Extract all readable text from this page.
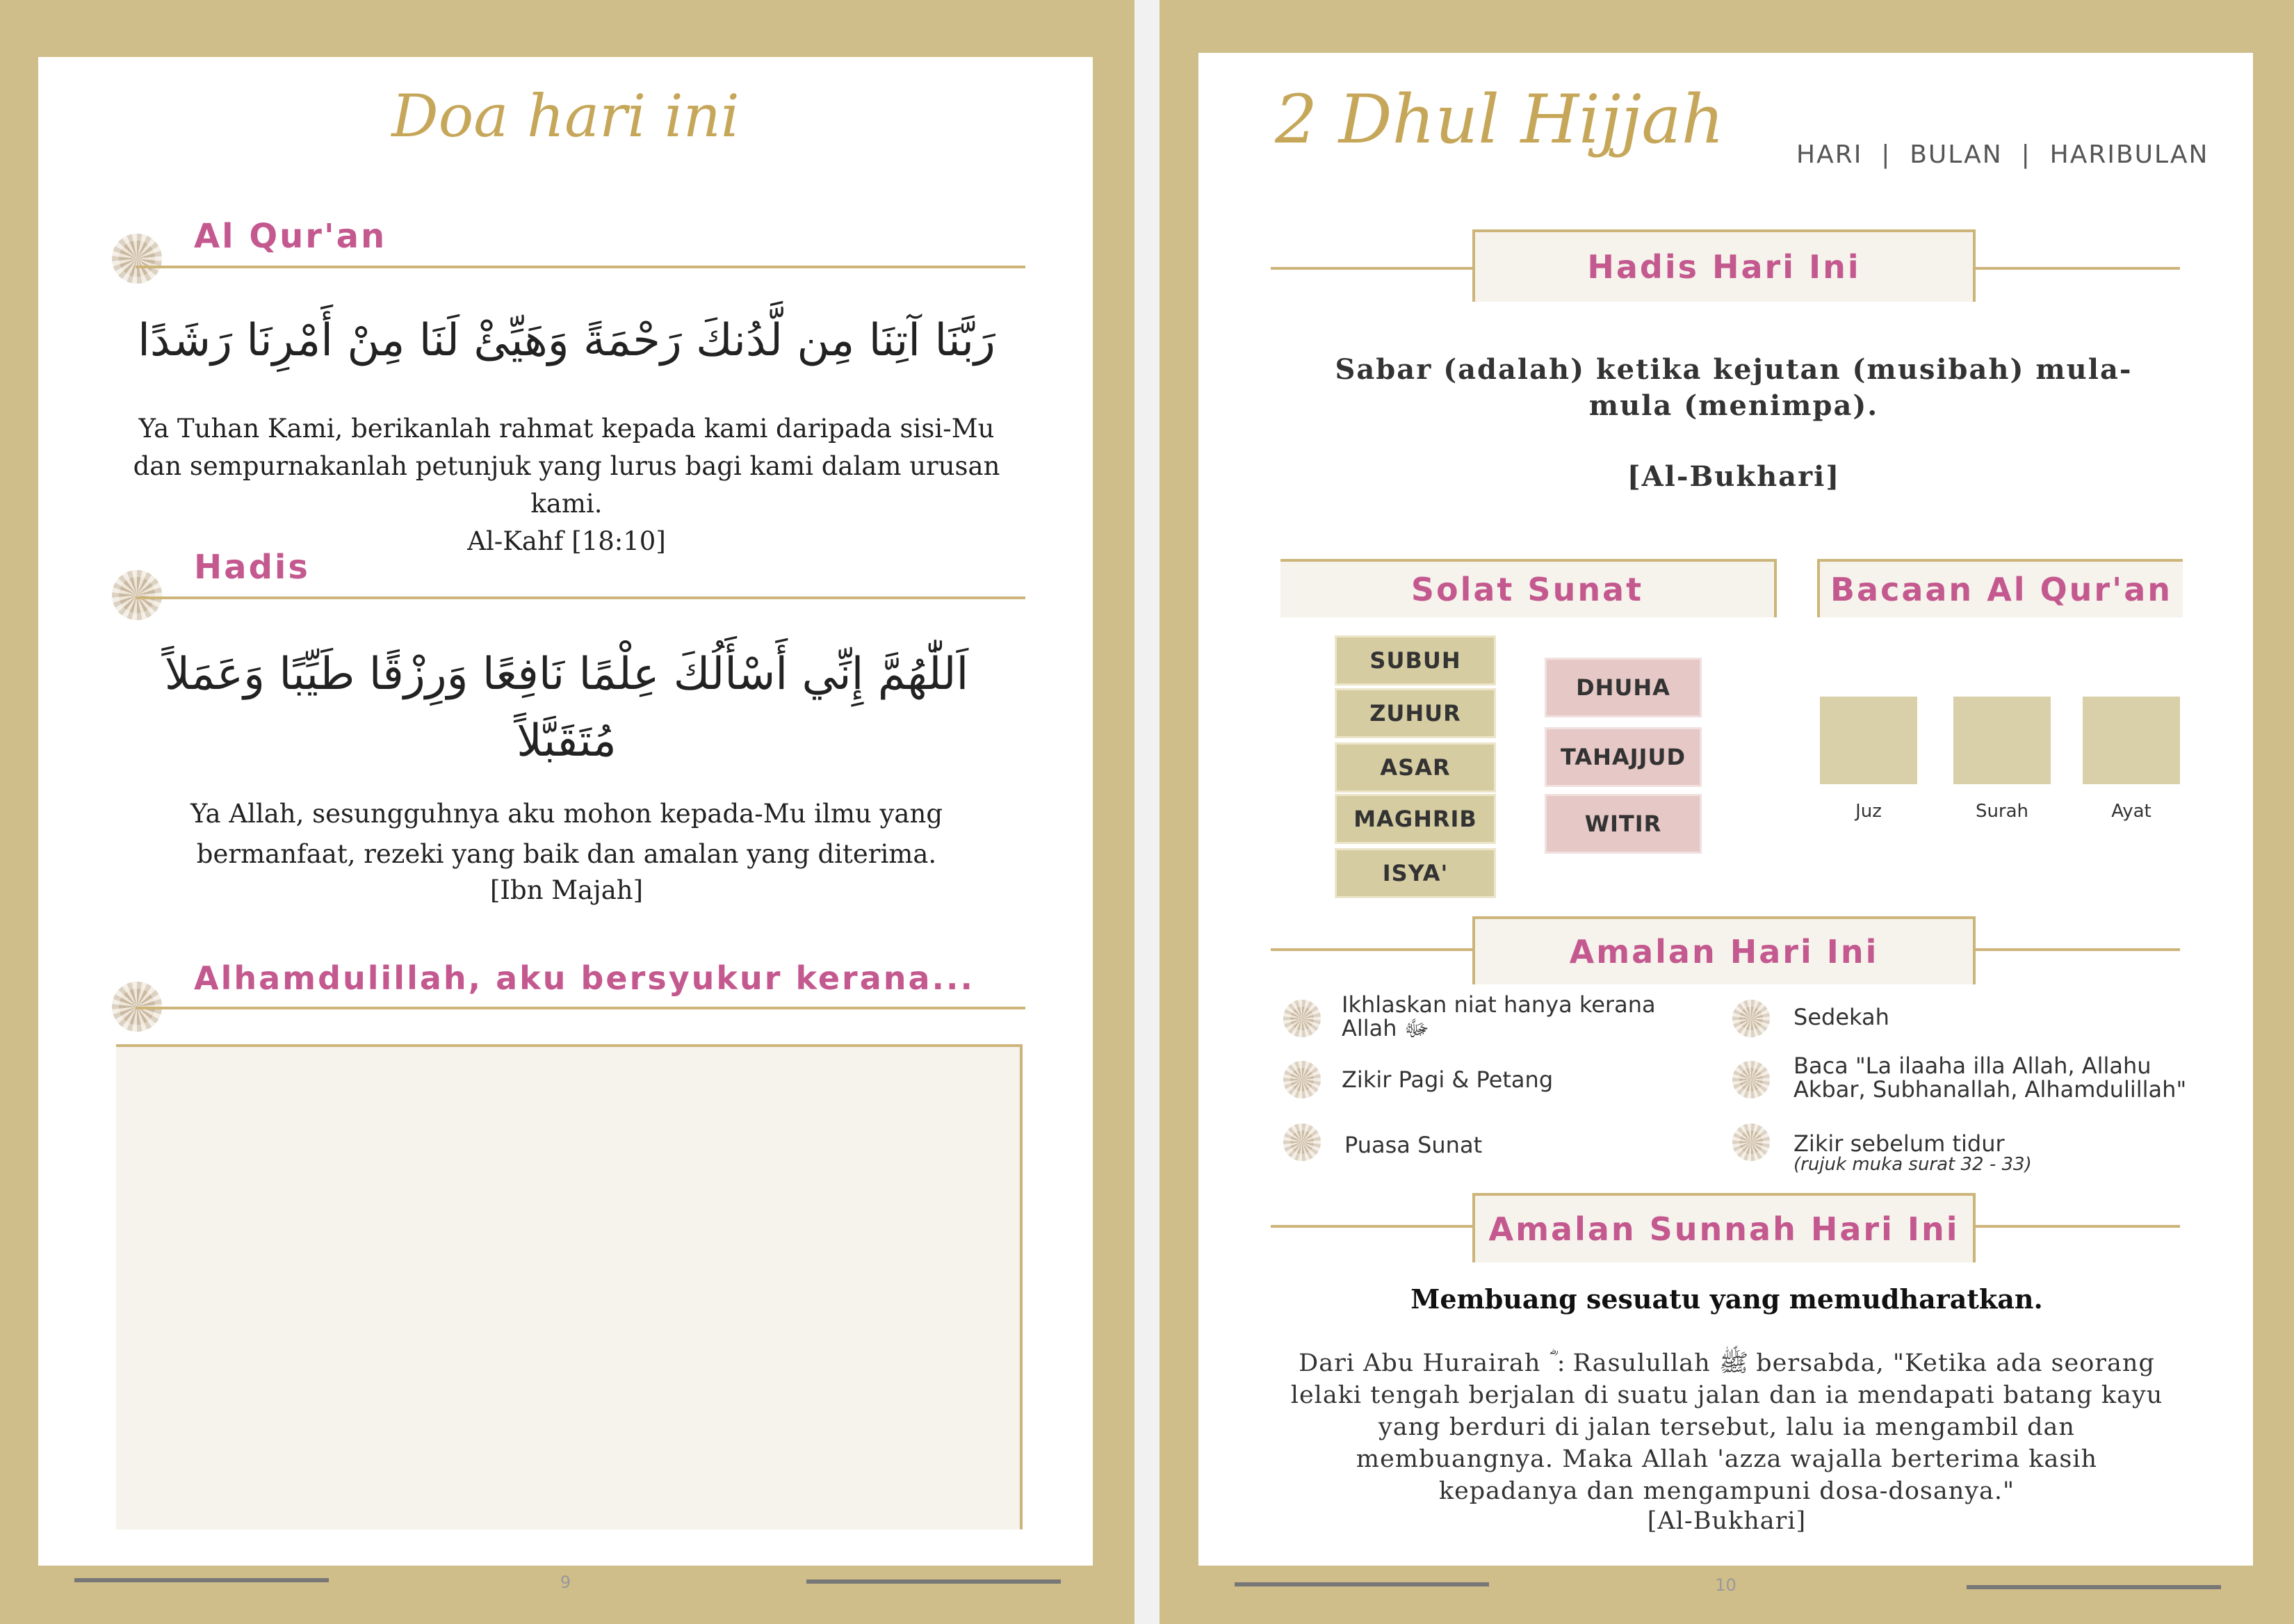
Doa hari ini
Al Qur'an
رَبَّنَا آتِنَا مِن لَّدُنكَ رَحْمَةً وَهَيِّئْ لَنَا مِنْ أَمْرِنَا رَشَدًا
Ya Tuhan Kami, berikanlah rahmat kepada kami daripada sisi-Mu dan sempurnakanlah petunjuk yang lurus bagi kami dalam urusan kami.
Al-Kahf [18:10]
Hadis
اَللّٰهُمَّ إِنِّي أَسْأَلُكَ عِلْمًا نَافِعًا وَرِزْقًا طَيِّبًا وَعَمَلاً مُتَقَبَّلاً
Ya Allah, sesungguhnya aku mohon kepada-Mu ilmu yang bermanfaat, rezeki yang baik dan amalan yang diterima.
[Ibn Majah]
Alhamdulillah, aku bersyukur kerana...
9
2 Dhul Hijjah	HARI  |  BULAN  |  HARIBULAN
Hadis Hari Ini
Sabar (adalah) ketika kejutan (musibah) mula-mula (menimpa).
[Al-Bukhari]
Solat Sunat
SUBUH
ZUHUR
ASAR
MAGHRIB
ISYA'
DHUHA
TAHAJJUD
WITIR
Bacaan Al Qur'an
Juz	Surah	Ayat
Amalan Hari Ini
Ikhlaskan niat hanya kerana Allah ﷻ
Zikir Pagi & Petang
Puasa Sunat
Sedekah
Baca "La ilaaha illa Allah, Allahu Akbar, Subhanallah, Alhamdulillah"
Zikir sebelum tidur
(rujuk muka surat 32 - 33)
Amalan Sunnah Hari Ini
Membuang sesuatu yang memudharatkan.
Dari Abu Hurairah ؓ : Rasulullah ﷺ bersabda, "Ketika ada seorang lelaki tengah berjalan di suatu jalan dan ia mendapati batang kayu yang berduri di jalan tersebut, lalu ia mengambil dan membuangnya. Maka Allah 'azza wajalla berterima kasih kepadanya dan mengampuni dosa-dosanya."
[Al-Bukhari]
10
